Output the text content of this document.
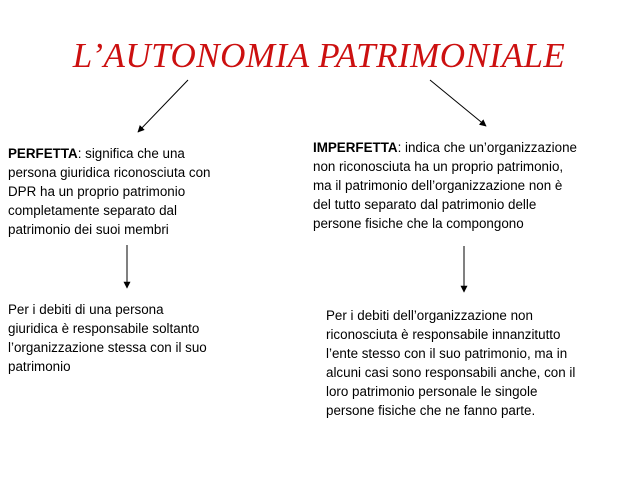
L’AUTONOMIA PATRIMONIALE
PERFETTA: significa che una
persona giuridica riconosciuta con
DPR ha un proprio patrimonio
completamente separato dal
patrimonio dei suoi membri
IMPERFETTA: indica che un’organizzazione
non riconosciuta ha un proprio patrimonio,
ma il patrimonio dell’organizzazione non è
del tutto separato dal patrimonio delle
persone fisiche che la compongono
Per i debiti di una persona
giuridica è responsabile soltanto
l’organizzazione stessa con il suo
patrimonio
Per i debiti dell’organizzazione non
riconosciuta è responsabile innanzitutto
l’ente stesso con il suo patrimonio, ma in
alcuni casi sono responsabili anche, con il
loro patrimonio personale le singole
persone fisiche che ne fanno parte.
